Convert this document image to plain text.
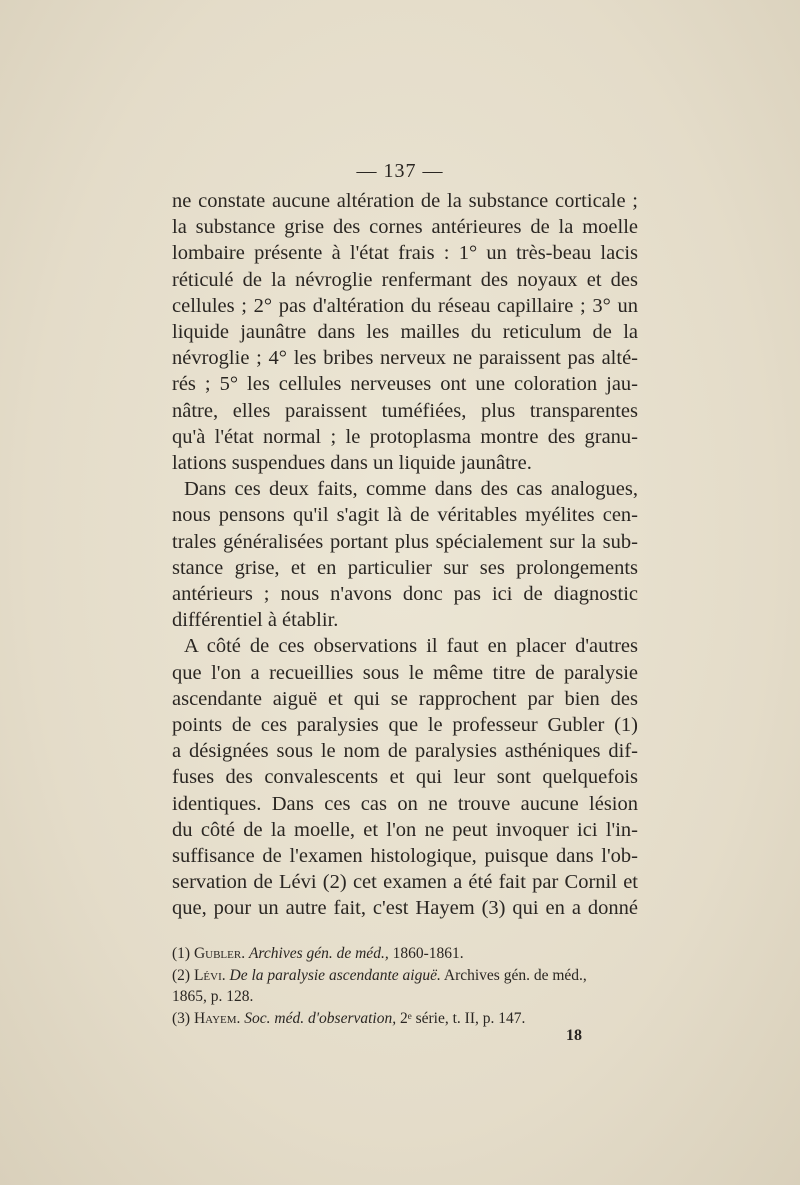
— 137 —
ne constate aucune altération de la substance corticale ;
la substance grise des cornes antérieures de la moelle
lombaire présente à l'état frais : 1° un très-beau lacis
réticulé de la névroglie renfermant des noyaux et des
cellules ; 2° pas d'altération du réseau capillaire ; 3° un
liquide jaunâtre dans les mailles du reticulum de la
névroglie ; 4° les bribes nerveux ne paraissent pas alté-
rés ; 5° les cellules nerveuses ont une coloration jau-
nâtre, elles paraissent tuméfiées, plus transparentes
qu'à l'état normal ; le protoplasma montre des granu-
lations suspendues dans un liquide jaunâtre.
Dans ces deux faits, comme dans des cas analogues,
nous pensons qu'il s'agit là de véritables myélites cen-
trales généralisées portant plus spécialement sur la sub-
stance grise, et en particulier sur ses prolongements
antérieurs ; nous n'avons donc pas ici de diagnostic
différentiel à établir.
A côté de ces observations il faut en placer d'autres
que l'on a recueillies sous le même titre de paralysie
ascendante aiguë et qui se rapprochent par bien des
points de ces paralysies que le professeur Gubler (1)
a désignées sous le nom de paralysies asthéniques dif-
fuses des convalescents et qui leur sont quelquefois
identiques. Dans ces cas on ne trouve aucune lésion
du côté de la moelle, et l'on ne peut invoquer ici l'in-
suffisance de l'examen histologique, puisque dans l'ob-
servation de Lévi (2) cet examen a été fait par Cornil et
que, pour un autre fait, c'est Hayem (3) qui en a donné
(1) Gubler. Archives gén. de méd., 1860-1861.
(2) Lévi. De la paralysie ascendante aiguë. Archives gén. de méd.,
1865, p. 128.
(3) Hayem. Soc. méd. d'observation, 2ᵉ série, t. II, p. 147.
18
